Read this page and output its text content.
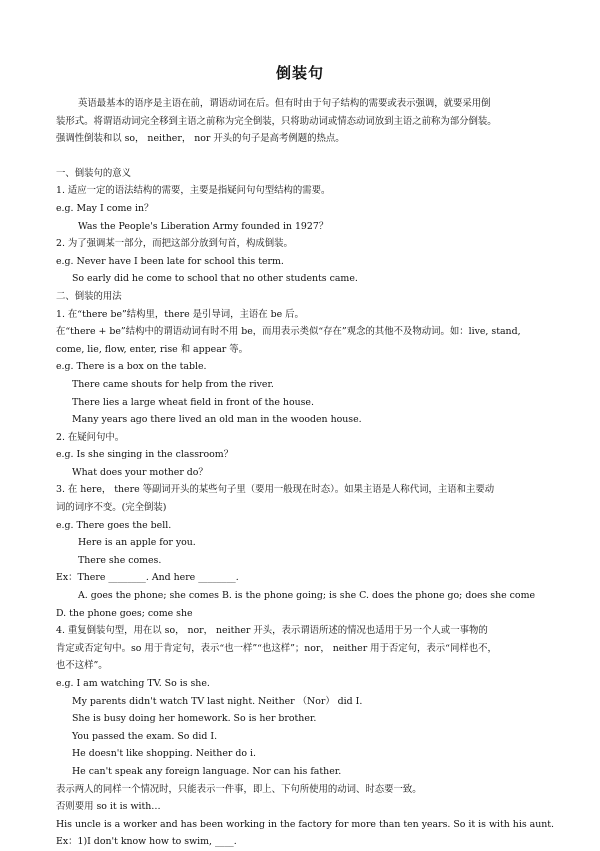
倒装句
英语最基本的语序是主语在前，谓语动词在后。但有时由于句子结构的需要或表示强调，就要采用倒
装形式。将谓语动词完全移到主语之前称为完全倒装，只将助动词或情态动词放到主语之前称为部分倒装。
强调性倒装和以 so， neither， nor 开头的句子是高考例题的热点。
一、倒装句的意义
1. 适应一定的语法结构的需要，主要是指疑问句句型结构的需要。
e.g. May I come in？
Was the People's Liberation Army founded in 1927？
2. 为了强调某一部分，而把这部分放到句首，构成倒装。
e.g. Never have I been late for school this term.
So early did he come to school that no other students came.
二、倒装的用法
1. 在“there be”结构里，there 是引导词，主语在 be 后。
在“there + be”结构中的谓语动词有时不用 be，而用表示类似“存在”观念的其他不及物动词。如：live, stand,
come, lie, flow, enter, rise 和 appear 等。
e.g. There is a box on the table.
There came shouts for help from the river.
There lies a large wheat field in front of the house.
Many years ago there lived an old man in the wooden house.
2. 在疑问句中。
e.g. Is she singing in the classroom？
What does your mother do？
3. 在 here， there 等副词开头的某些句子里（要用一般现在时态）。如果主语是人称代词，主语和主要动
词的词序不变。(完全倒装)
e.g. There goes the bell.
Here is an apple for you.
There she comes.
Ex：There ________. And here ________.
A. goes the phone; she comes B. is the phone going; is she C. does the phone go; does she come
D. the phone goes; come she
4. 重复倒装句型，用在以 so， nor， neither 开头，表示谓语所述的情况也适用于另一个人或一事物的
肯定或否定句中。so 用于肯定句，表示“也一样”“也这样”；nor， neither 用于否定句，表示“同样也不，
也不这样”。
e.g. I am watching TV. So is she.
My parents didn't watch TV last night. Neither （Nor） did I.
She is busy doing her homework. So is her brother.
You passed the exam. So did I.
He doesn't like shopping. Neither do i.
He can't speak any foreign language. Nor can his father.
表示两人的同样一个情况时，只能表示一件事，即上、下句所使用的动词、时态要一致。
否则要用 so it is with…
His uncle is a worker and has been working in the factory for more than ten years. So it is with his aunt.
Ex：1)I don't know how to swim, ____.
